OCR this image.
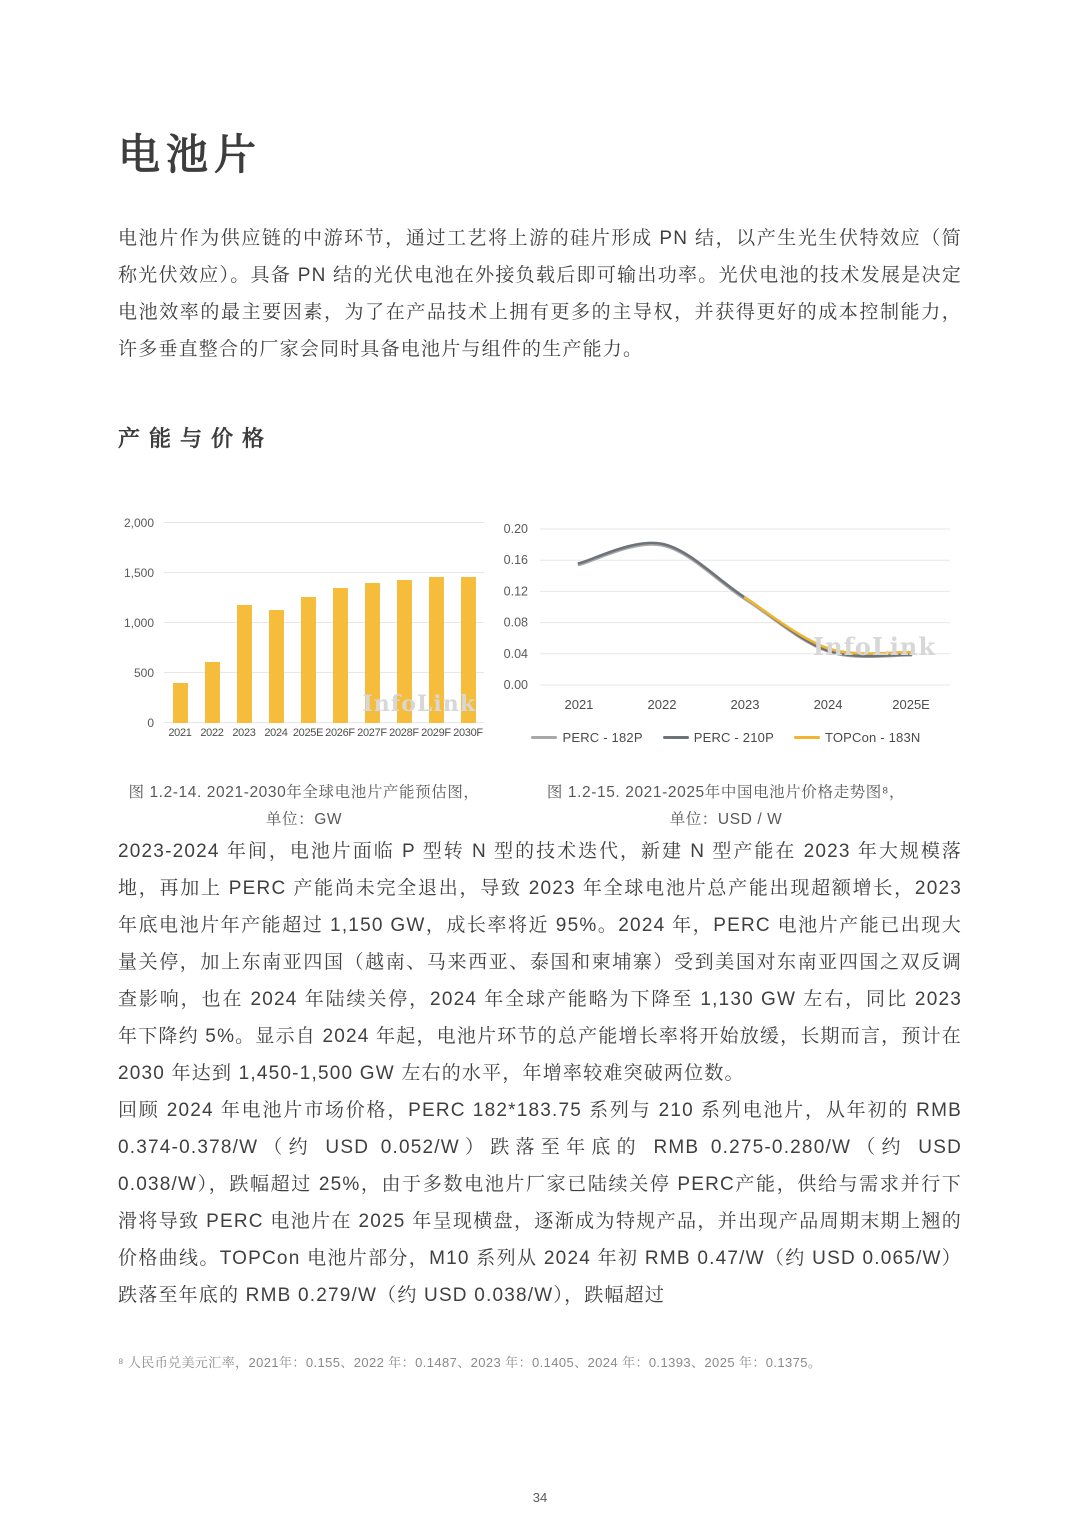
电池片

电池片作为供应链的中游环节，通过工艺将上游的硅片形成 PN 结，以产生光生伏特效应（简称光伏效应）。具备 PN 结的光伏电池在外接负载后即可输出功率。光伏电池的技术发展是决定电池效率的最主要因素，为了在产品技术上拥有更多的主导权，并获得更好的成本控制能力，许多垂直整合的厂家会同时具备电池片与组件的生产能力。

产能与价格
0
500
1,000
1,500
2,000
2021 2022 2023 2024 2025E 2026F 2027F 2028F 2029F 2030F
InfoLink
图 1.2-14. 2021-2030年全球电池片产能预估图，
单位：GW
0.00
0.04
0.08
0.12
0.16
0.20
2021	2022	2023	2024	2025E
InfoLink
PERC - 182P	PERC - 210P	TOPCon - 183N
图 1.2-15. 2021-2025年中国电池片价格走势图⁸，
单位：USD / W

2023-2024 年间，电池片面临 P 型转 N 型的技术迭代，新建 N 型产能在 2023 年大规模落地，再加上 PERC 产能尚未完全退出，导致 2023 年全球电池片总产能出现超额增长，2023 年底电池片年产能超过 1,150 GW，成长率将近 95%。2024 年，PERC 电池片产能已出现大量关停，加上东南亚四国（越南、马来西亚、泰国和柬埔寨）受到美国对东南亚四国之双反调查影响，也在 2024 年陆续关停，2024 年全球产能略为下降至 1,130 GW 左右，同比 2023 年下降约 5%。显示自 2024 年起，电池片环节的总产能增长率将开始放缓，长期而言，预计在 2030 年达到 1,450-1,500 GW 左右的水平，年增率较难突破两位数。

回顾 2024 年电池片市场价格，PERC 182*183.75 系列与 210 系列电池片，从年初的 RMB 0.374-0.378/W（约 USD 0.052/W）跌落至年底的 RMB 0.275-0.280/W（约 USD 0.038/W），跌幅超过 25%，由于多数电池片厂家已陆续关停 PERC产能，供给与需求并行下滑将导致 PERC 电池片在 2025 年呈现横盘，逐渐成为特规产品，并出现产品周期末期上翘的价格曲线。TOPCon 电池片部分，M10 系列从 2024 年初 RMB 0.47/W（约 USD 0.065/W）跌落至年底的 RMB 0.279/W（约 USD 0.038/W），跌幅超过

⁸ 人民币兑美元汇率，2021年：0.155、2022 年：0.1487、2023 年：0.1405、2024 年：0.1393、2025 年：0.1375。
34
